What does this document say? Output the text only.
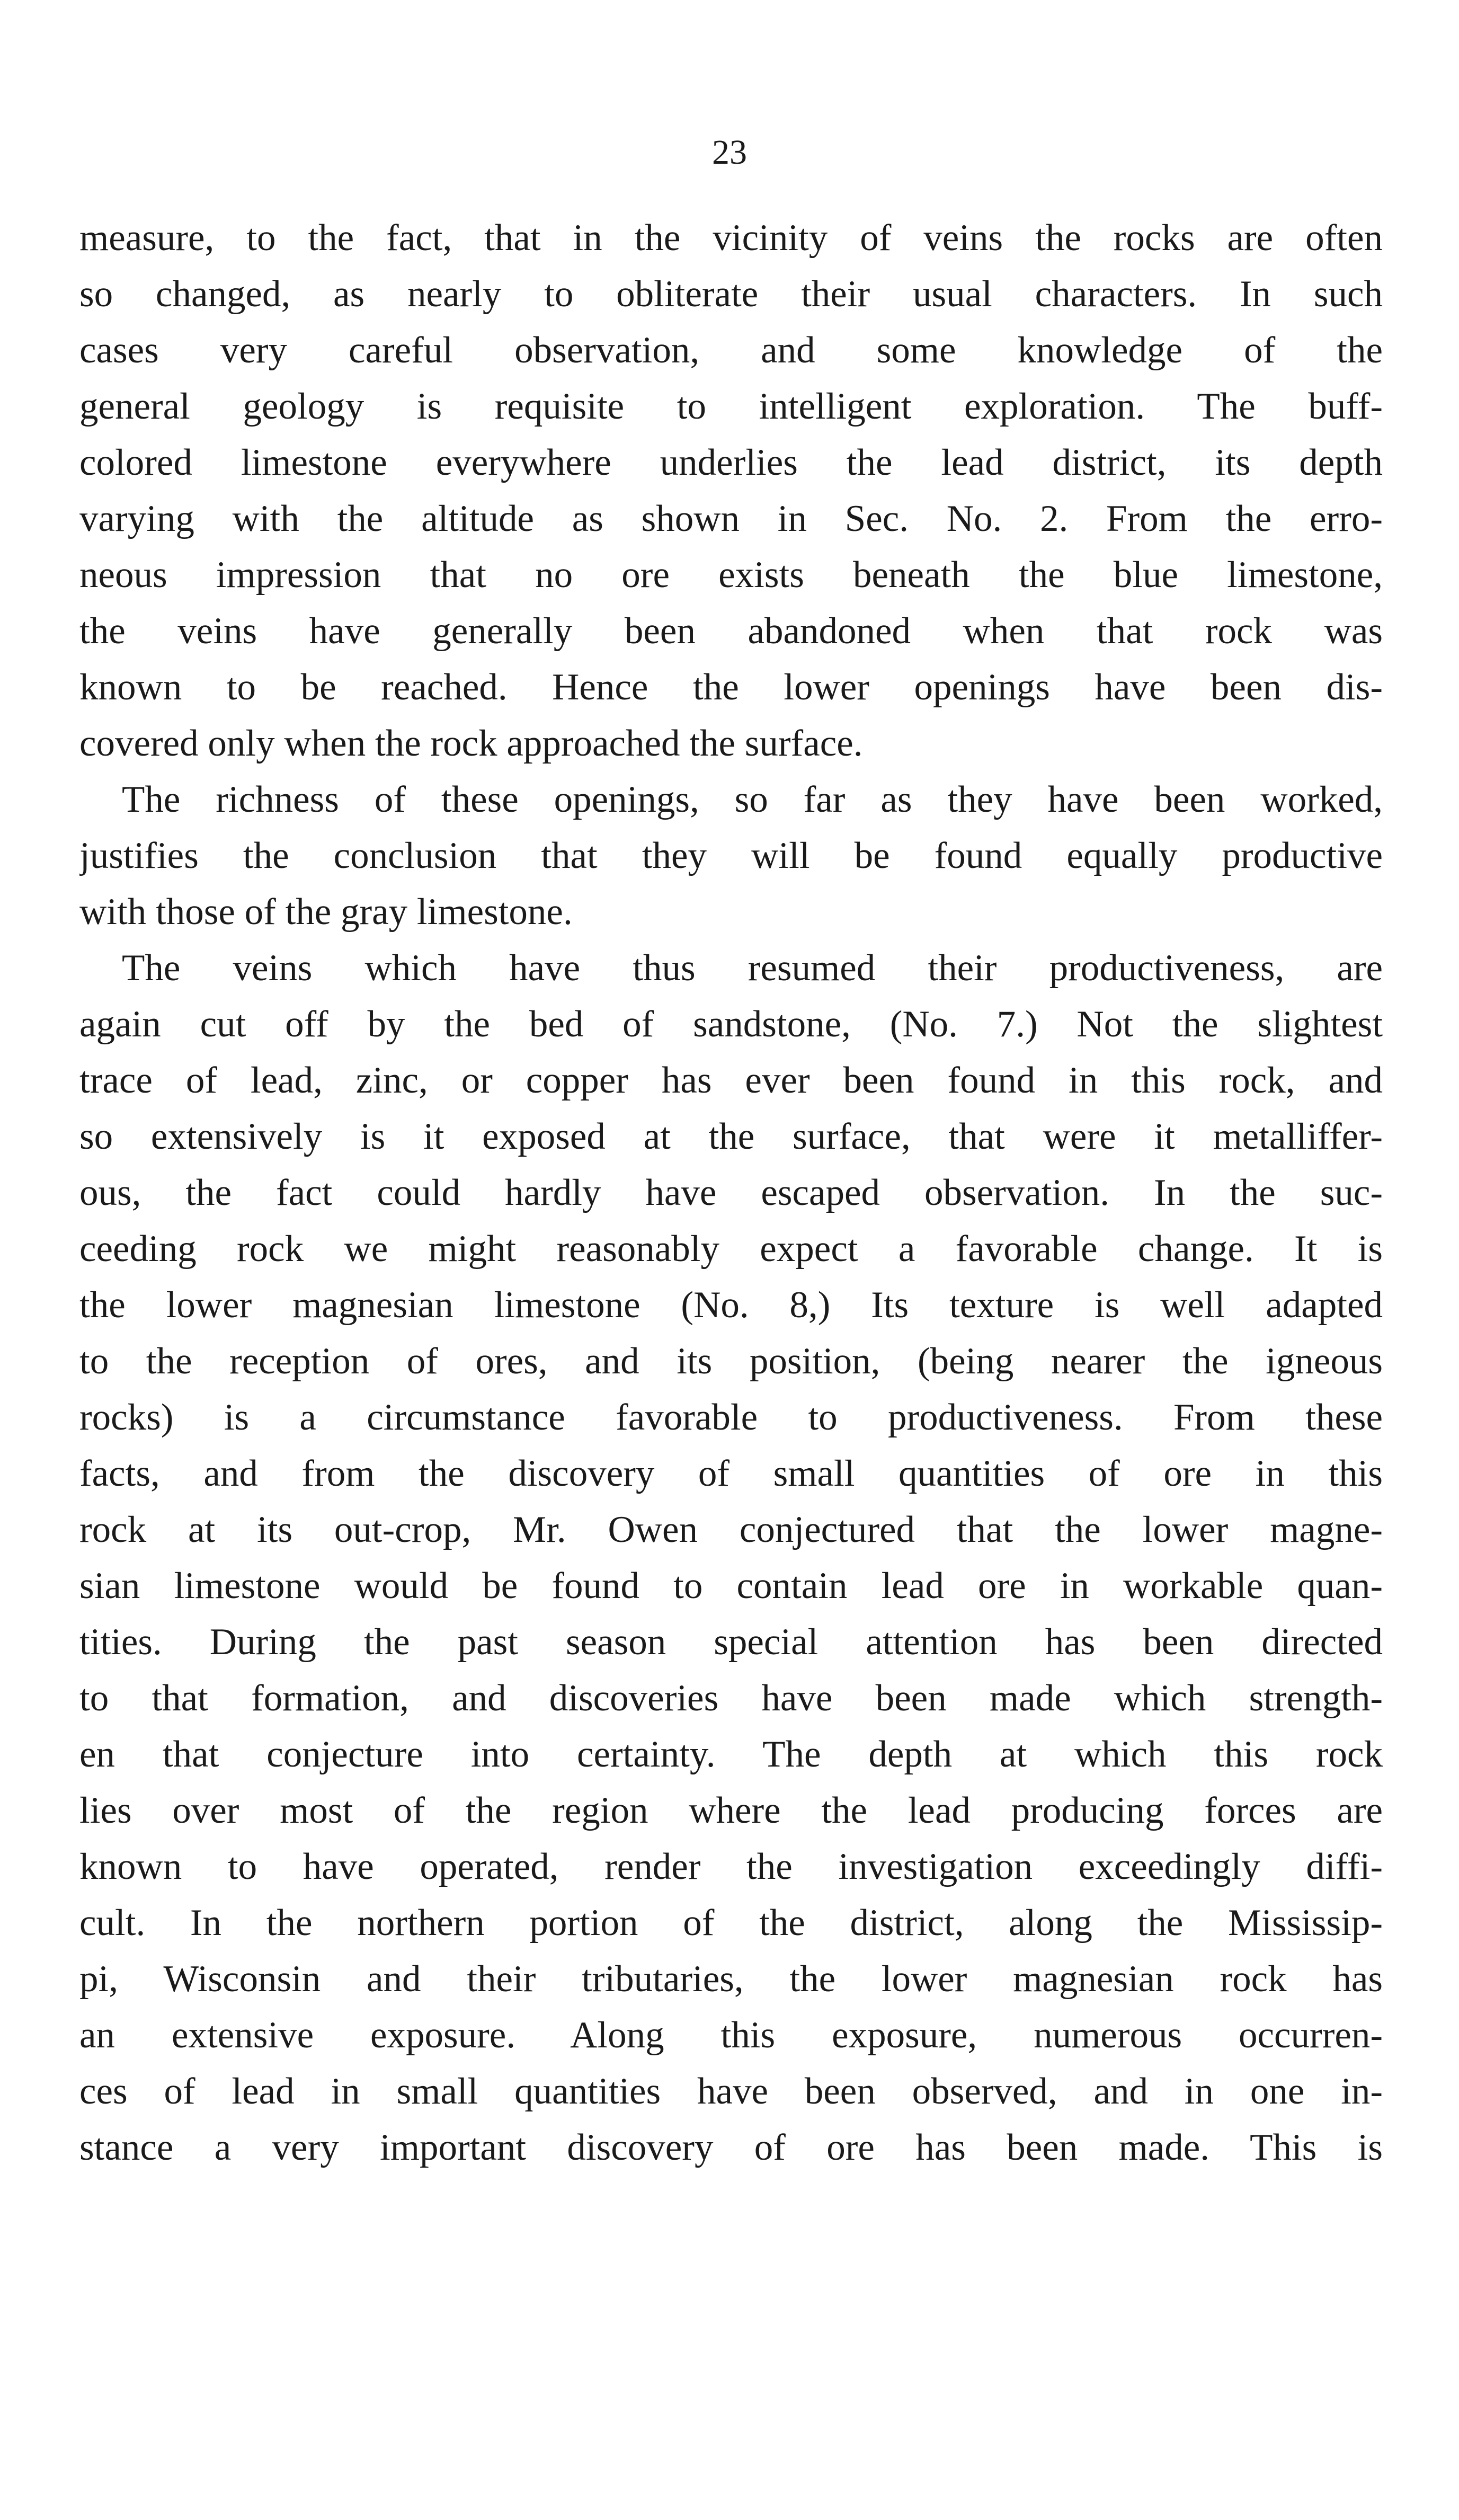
23
measure, to the fact, that in the vicinity of veins the rocks are often
so changed, as nearly to obliterate their usual characters. In such
cases very careful observation, and some knowledge of the
general geology is requisite to intelligent exploration. The buff-
colored limestone everywhere underlies the lead district, its depth
varying with the altitude as shown in Sec. No. 2. From the erro-
neous impression that no ore exists beneath the blue limestone,
the veins have generally been abandoned when that rock was
known to be reached. Hence the lower openings have been dis-
covered only when the rock approached the surface.
The richness of these openings, so far as they have been worked,
justifies the conclusion that they will be found equally productive
with those of the gray limestone.
The veins which have thus resumed their productiveness, are
again cut off by the bed of sandstone, (No. 7.) Not the slightest
trace of lead, zinc, or copper has ever been found in this rock, and
so extensively is it exposed at the surface, that were it metalliffer-
ous, the fact could hardly have escaped observation. In the suc-
ceeding rock we might reasonably expect a favorable change. It is
the lower magnesian limestone (No. 8,) Its texture is well adapted
to the reception of ores, and its position, (being nearer the igneous
rocks) is a circumstance favorable to productiveness. From these
facts, and from the discovery of small quantities of ore in this
rock at its out-crop, Mr. Owen conjectured that the lower magne-
sian limestone would be found to contain lead ore in workable quan-
tities. During the past season special attention has been directed
to that formation, and discoveries have been made which strength-
en that conjecture into certainty. The depth at which this rock
lies over most of the region where the lead producing forces are
known to have operated, render the investigation exceedingly diffi-
cult. In the northern portion of the district, along the Mississip-
pi, Wisconsin and their tributaries, the lower magnesian rock has
an extensive exposure. Along this exposure, numerous occurren-
ces of lead in small quantities have been observed, and in one in-
stance a very important discovery of ore has been made. This is
